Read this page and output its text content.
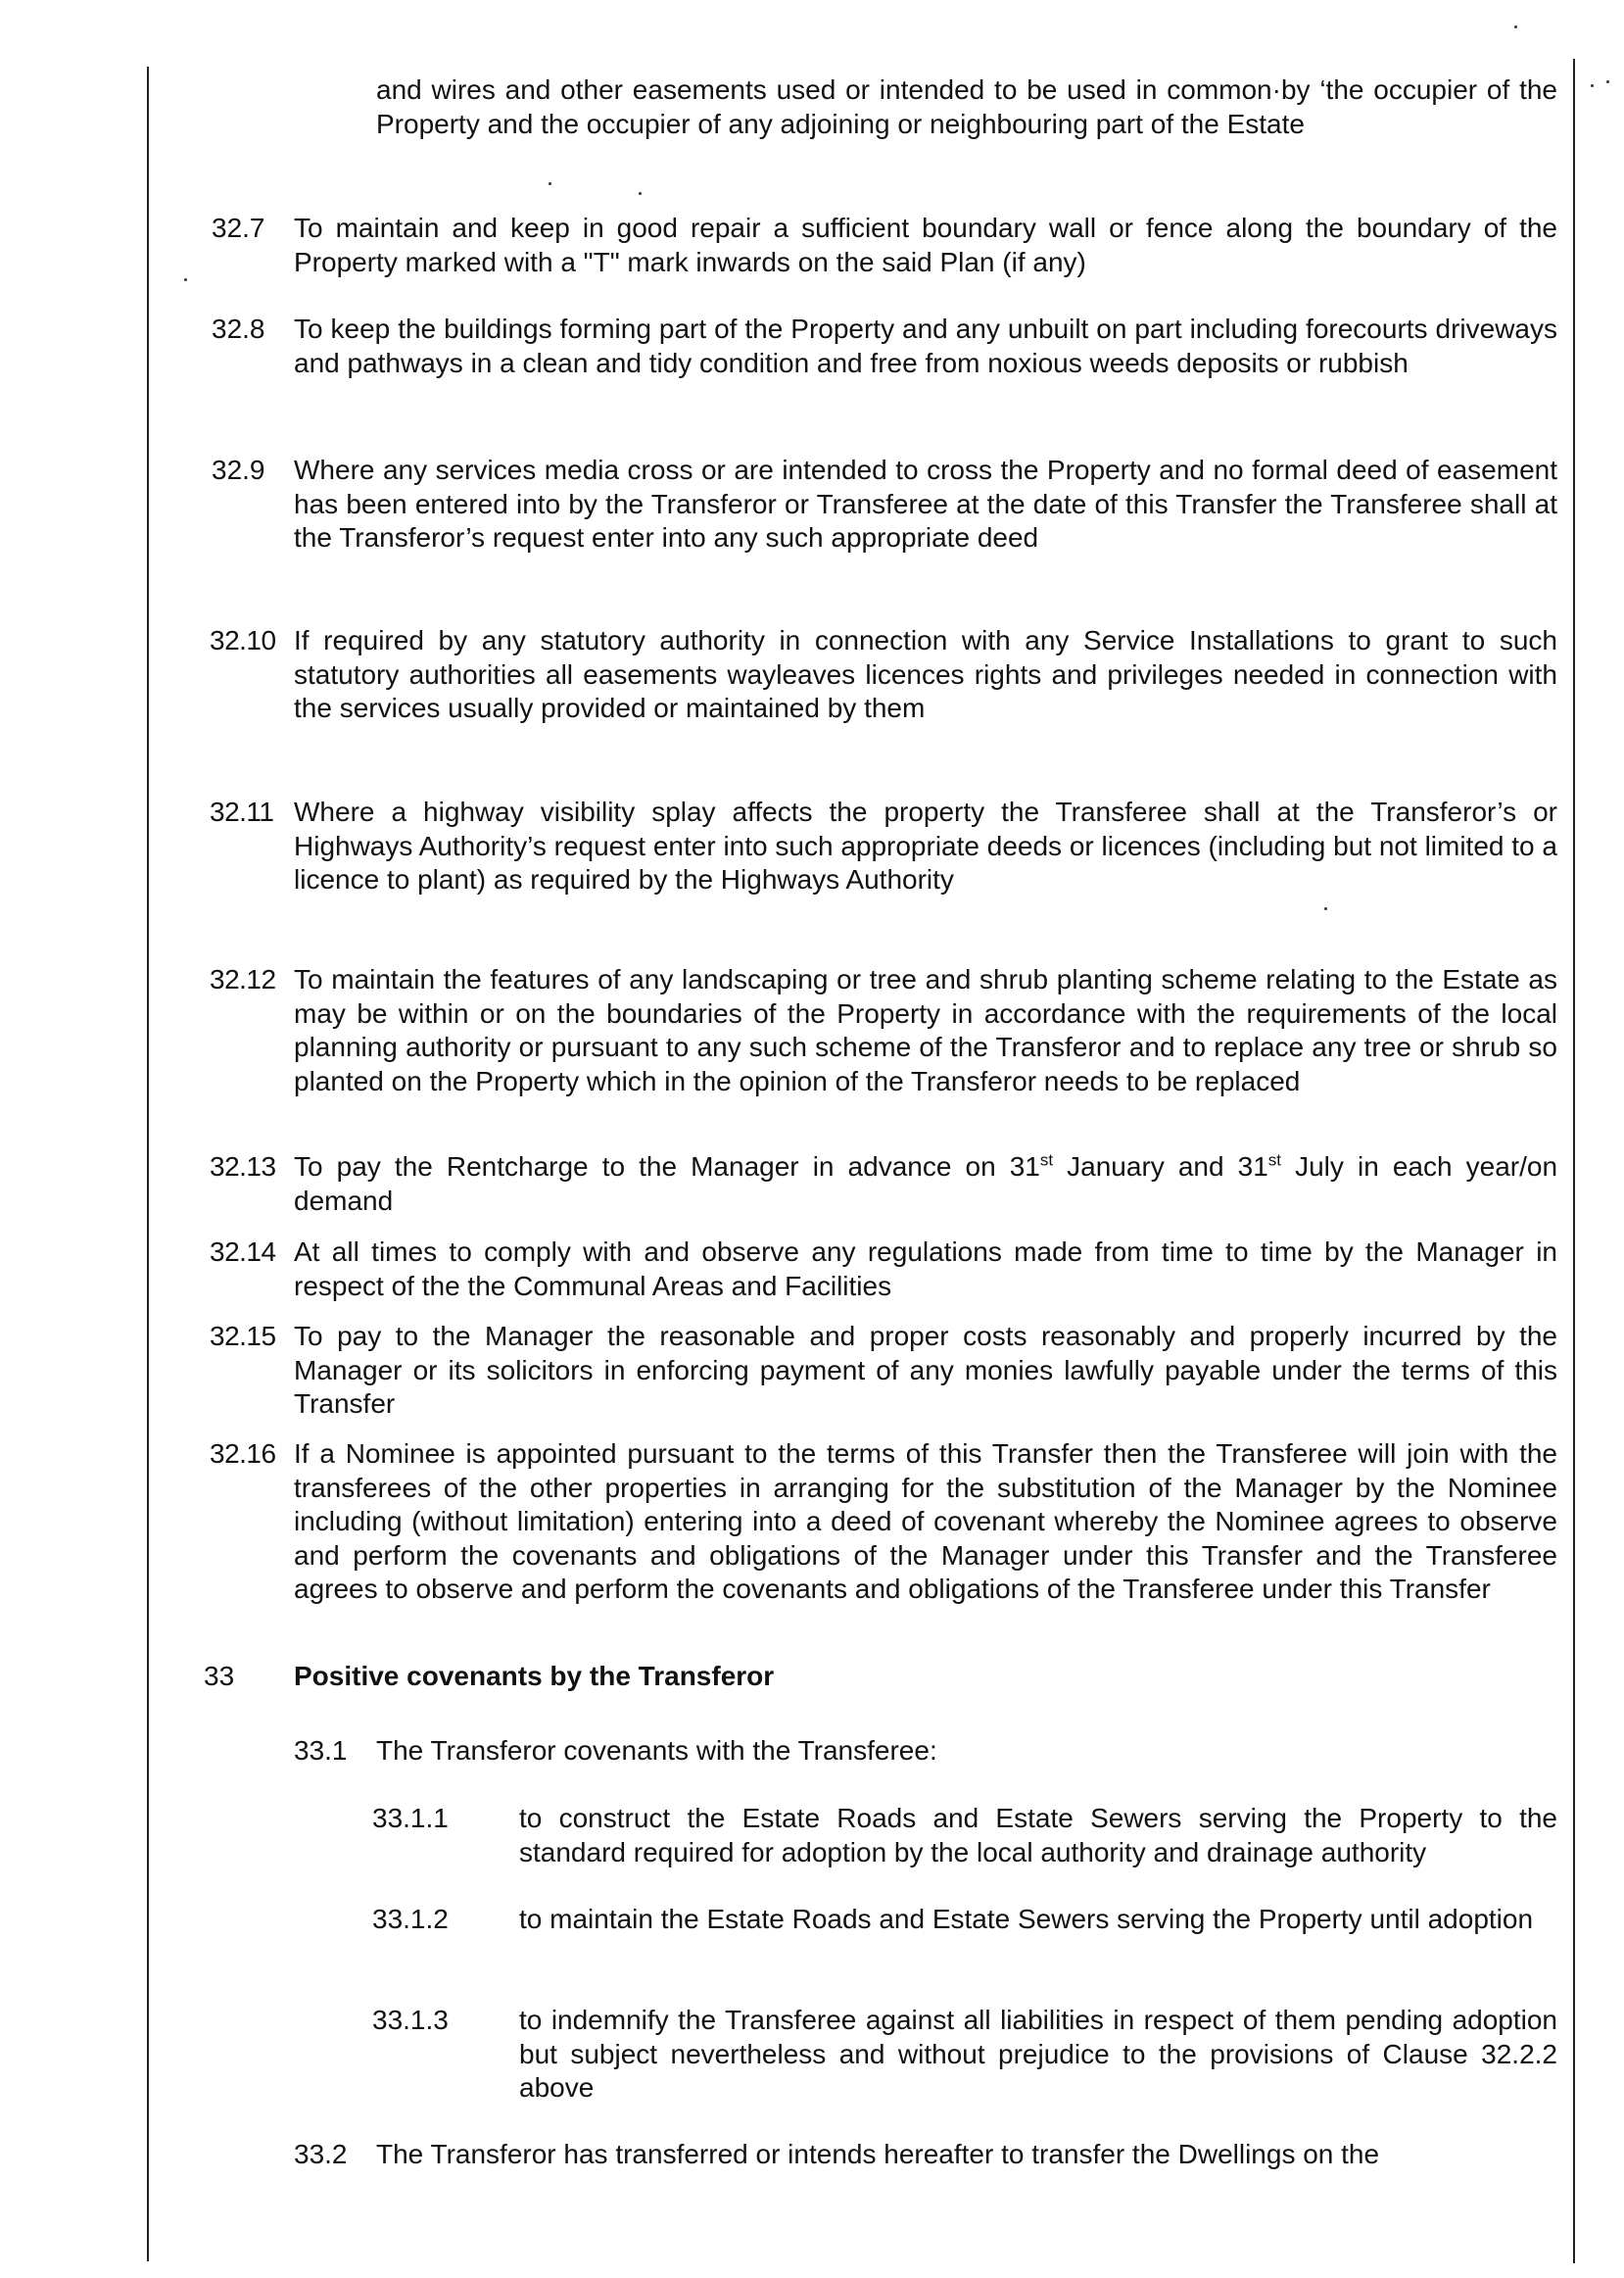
and wires and other easements used or intended to be used in common·by ‘the occupier of the Property and the occupier of any adjoining or neighbouring part of the Estate
32.7 To maintain and keep in good repair a sufficient boundary wall or fence along the boundary of the Property marked with a "T" mark inwards on the said Plan (if any)
32.8 To keep the buildings forming part of the Property and any unbuilt on part including forecourts driveways and pathways in a clean and tidy condition and free from noxious weeds deposits or rubbish
32.9 Where any services media cross or are intended to cross the Property and no formal deed of easement has been entered into by the Transferor or Transferee at the date of this Transfer the Transferee shall at the Transferor’s request enter into any such appropriate deed
32.10 If required by any statutory authority in connection with any Service Installations to grant to such statutory authorities all easements wayleaves licences rights and privileges needed in connection with the services usually provided or maintained by them
32.11 Where a highway visibility splay affects the property the Transferee shall at the Transferor’s or Highways Authority’s request enter into such appropriate deeds or licences (including but not limited to a licence to plant) as required by the Highways Authority
32.12 To maintain the features of any landscaping or tree and shrub planting scheme relating to the Estate as may be within or on the boundaries of the Property in accordance with the requirements of the local planning authority or pursuant to any such scheme of the Transferor and to replace any tree or shrub so planted on the Property which in the opinion of the Transferor needs to be replaced
32.13 To pay the Rentcharge to the Manager in advance on 31st January and 31st July in each year/on demand
32.14 At all times to comply with and observe any regulations made from time to time by the Manager in respect of the the Communal Areas and Facilities
32.15 To pay to the Manager the reasonable and proper costs reasonably and properly incurred by the Manager or its solicitors in enforcing payment of any monies lawfully payable under the terms of this Transfer
32.16 If a Nominee is appointed pursuant to the terms of this Transfer then the Transferee will join with the transferees of the other properties in arranging for the substitution of the Manager by the Nominee including (without limitation) entering into a deed of covenant whereby the Nominee agrees to observe and perform the covenants and obligations of the Manager under this Transfer and the Transferee agrees to observe and perform the covenants and obligations of the Transferee under this Transfer
33 Positive covenants by the Transferor
33.1 The Transferor covenants with the Transferee:
33.1.1	to construct the Estate Roads and Estate Sewers serving the Property to the standard required for adoption by the local authority and drainage authority
33.1.2	to maintain the Estate Roads and Estate Sewers serving the Property until adoption
33.1.3	to indemnify the Transferee against all liabilities in respect of them pending adoption but subject nevertheless and without prejudice to the provisions of Clause 32.2.2 above
33.2 The Transferor has transferred or intends hereafter to transfer the Dwellings on the
